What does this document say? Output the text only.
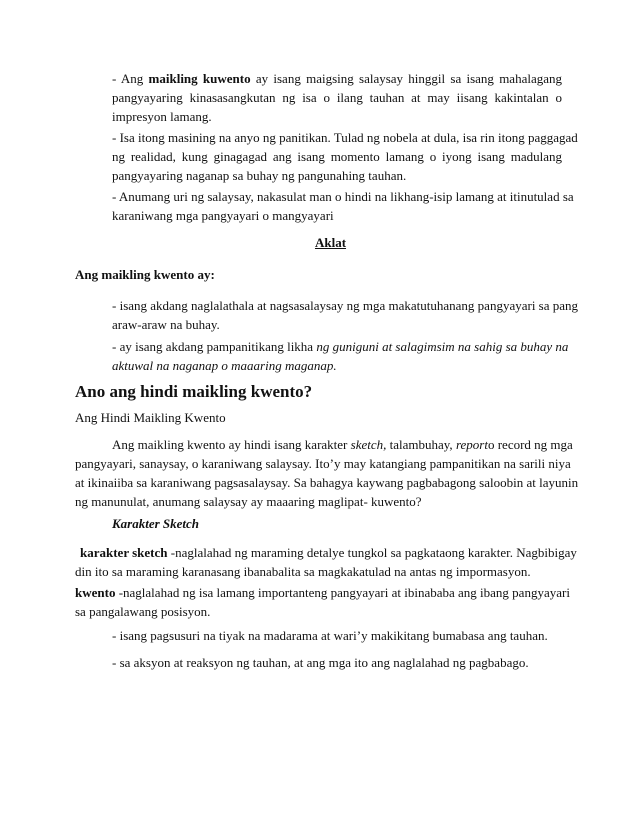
- Ang maikling kuwento ay isang maigsing salaysay hinggil sa isang mahalagang
pangyayaring kinasasangkutan ng isa o ilang tauhan at may iisang kakintalan o
impresyon lamang.
- Isa itong masining na anyo ng panitikan. Tulad ng nobela at dula, isa rin itong paggagad
ng realidad, kung ginagagad ang isang momento lamang o iyong isang madulang
pangyayaring naganap sa buhay ng pangunahing tauhan.
- Anumang uri ng salaysay, nakasulat man o hindi na likhang-isip lamang at itinutulad sa
karaniwang mga pangyayari o mangyayari
Aklat
Ang maikling kwento ay:
- isang akdang naglalathala at nagsasalaysay ng mga makatutuhanang pangyayari sa pang
araw-araw na buhay.
- ay isang akdang pampanitikang likha ng guniguni at salagimsim na sahig sa buhay na
aktuwal na naganap o maaaring maganap.
Ano ang hindi maikling kwento?
Ang Hindi Maikling Kwento
Ang maikling kwento ay hindi isang karakter sketch, talambuhay, reporto record ng mga
pangyayari, sanaysay, o karaniwang salaysay. Ito’y may katangiang pampanitikan na sarili niya
at ikinaiiba sa karaniwang pagsasalaysay. Sa bahagya kaywang pagbabagong saloobin at layunin
ng manunulat, anumang salaysay ay maaaring maglipat- kuwento?
Karakter Sketch
karakter sketch -naglalahad ng maraming detalye tungkol sa pagkataong karakter. Nagbibigay
din ito sa maraming karanasang ibanabalita sa magkakatulad na antas ng impormasyon.
kwento -naglalahad ng isa lamang importanteng pangyayari at ibinababa ang ibang pangyayari
sa pangalawang posisyon.
- isang pagsusuri na tiyak na madarama at wari’y makikitang bumabasa ang tauhan.
- sa aksyon at reaksyon ng tauhan, at ang mga ito ang naglalahad ng pagbabago.
